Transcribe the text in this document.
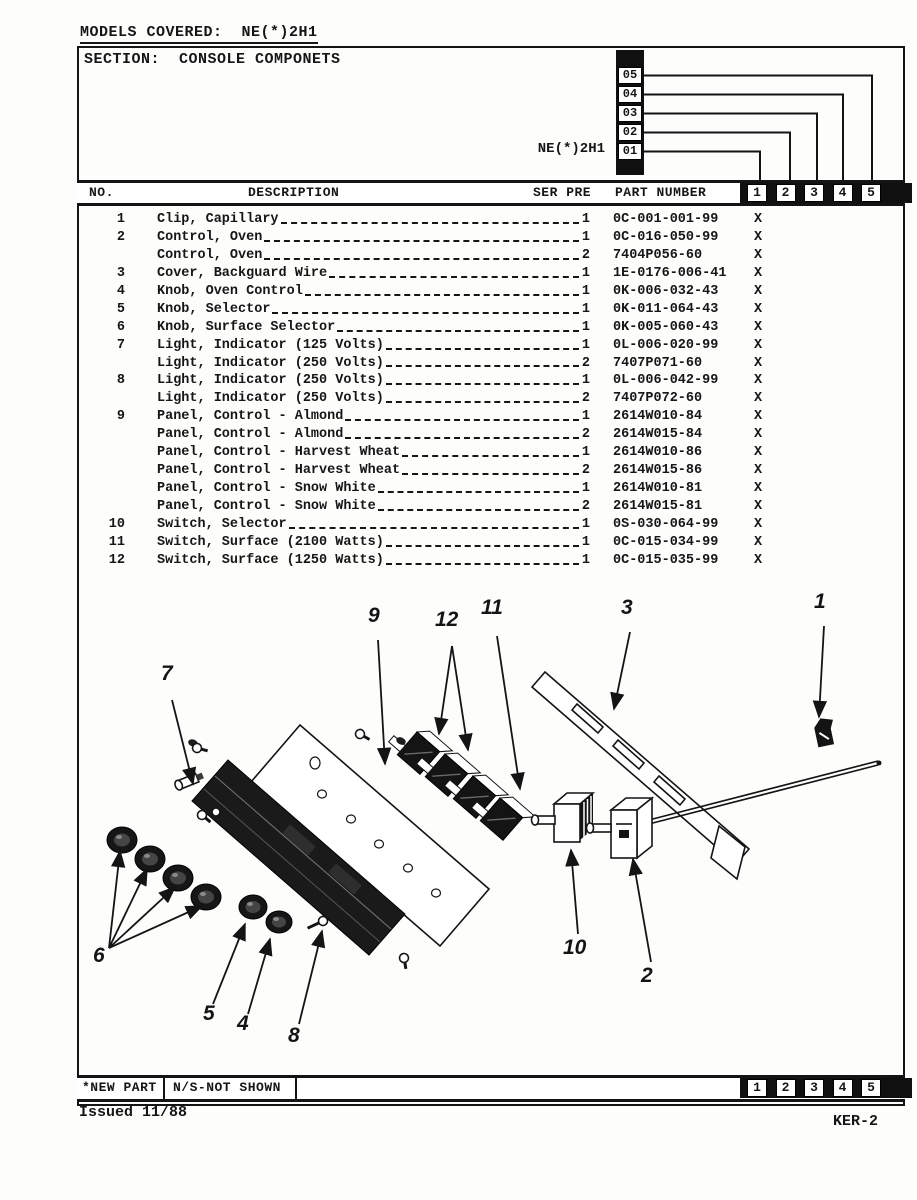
MODELS COVERED:  NE(*)2H1
SECTION:  CONSOLE COMPONETS
05
04
03
02
01
NE(*)2H1
NO.	DESCRIPTION	SER PRE PART NUMBER	1	2	3	4	5
1 Clip, Capillary	1 0C-001-001-99	X
2 Control, Oven	1 0C-016-050-99	X
Control, Oven	2 7404P056-60	X
3 Cover, Backguard Wire	1 1E-0176-006-41	X
4 Knob, Oven Control	1 0K-006-032-43	X
5 Knob, Selector	1 0K-011-064-43	X
6 Knob, Surface Selector	1 0K-005-060-43	X
7 Light, Indicator (125 Volts)	1 0L-006-020-99	X
Light, Indicator (250 Volts)	2 7407P071-60	X
8 Light, Indicator (250 Volts)	1 0L-006-042-99	X
Light, Indicator (250 Volts)	2 7407P072-60	X
9 Panel, Control - Almond	1 2614W010-84	X
Panel, Control - Almond	2 2614W015-84	X
Panel, Control - Harvest Wheat	1 2614W010-86	X
Panel, Control - Harvest Wheat	2 2614W015-86	X
Panel, Control - Snow White	1 2614W010-81	X
Panel, Control - Snow White	2 2614W015-81	X
10 Switch, Selector	1 0S-030-064-99	X
11 Switch, Surface (2100 Watts)	1 0C-015-034-99	X
12 Switch, Surface (1250 Watts)	1 0C-015-035-99	X
7
9	12
11	3	1
6
5 4
8
10
2
*NEW PART	N/S-NOT SHOWN	1	2	3	4	5
Issued 11/88
KER-2
